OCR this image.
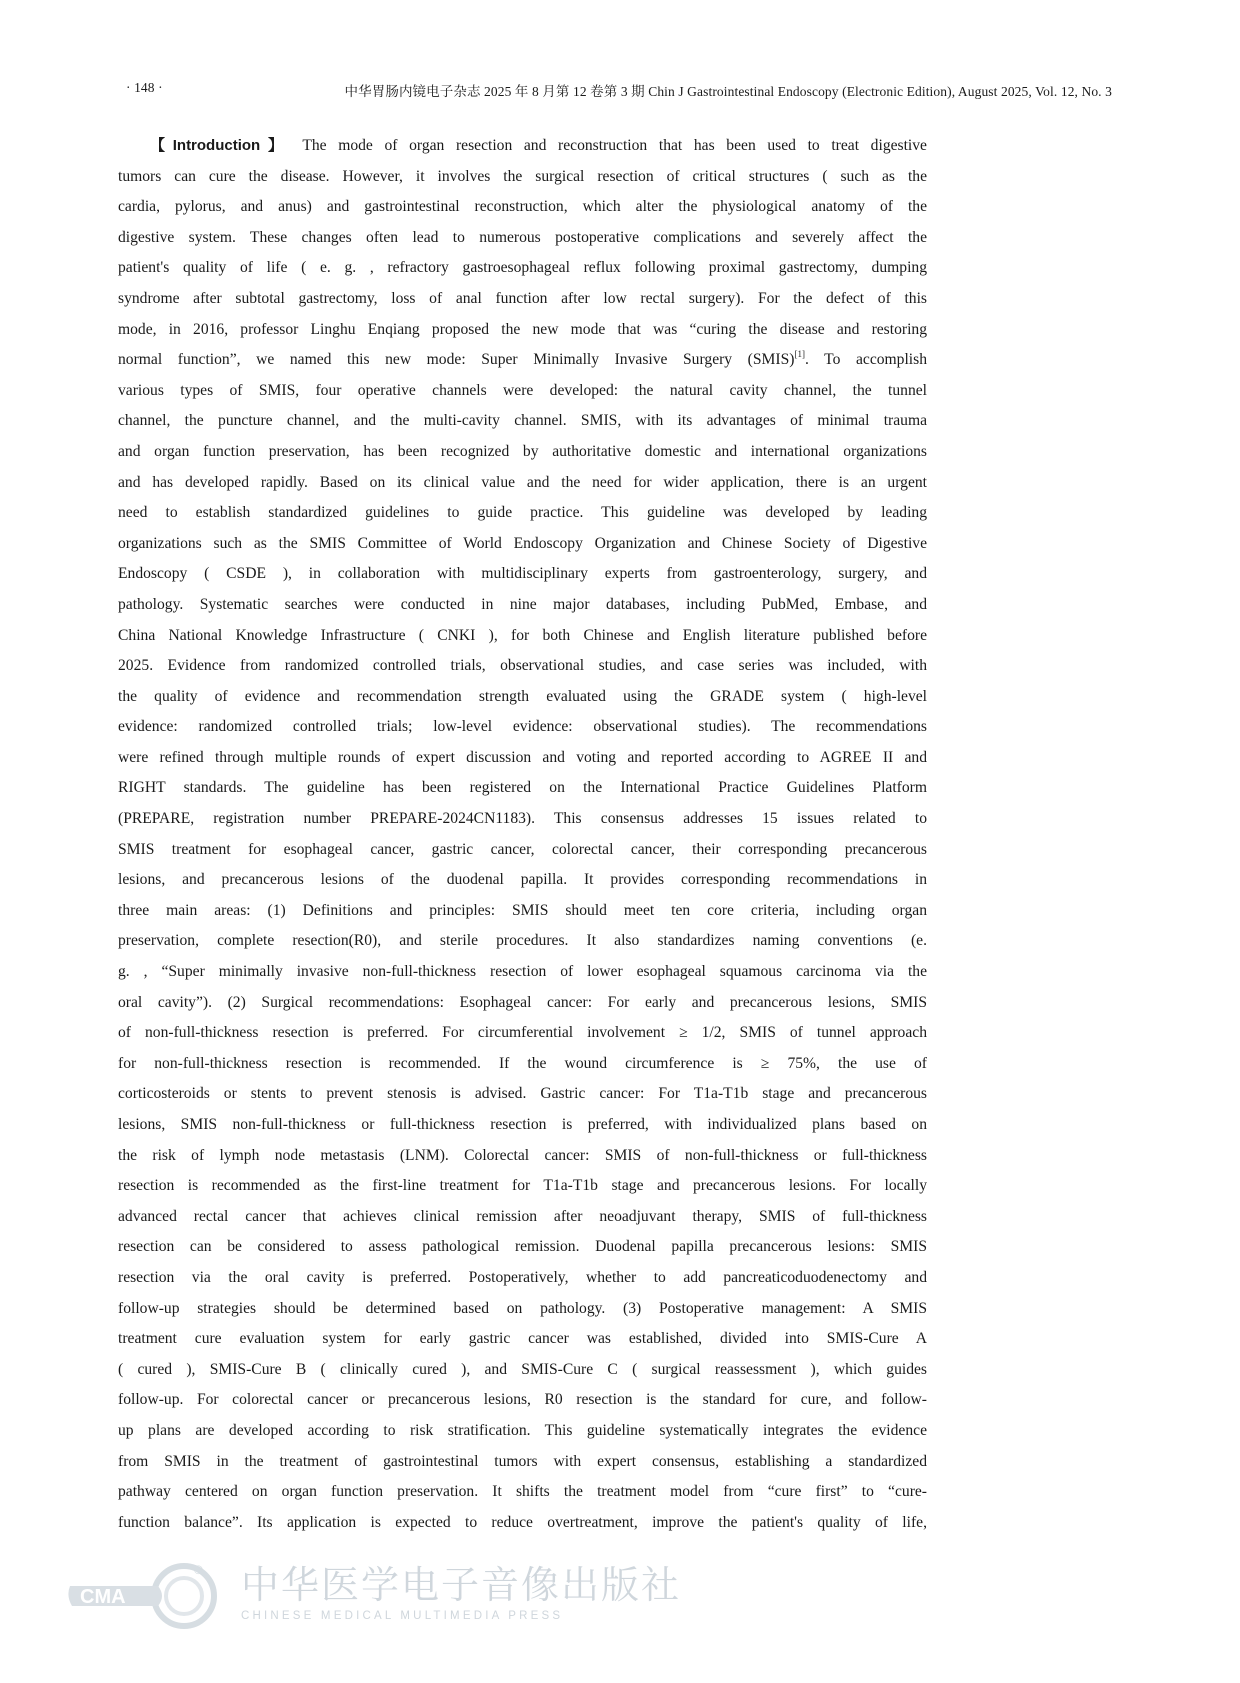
· 148 ·	中华胃肠内镜电子杂志 2025 年 8 月第 12 卷第 3 期 Chin J Gastrointestinal Endoscopy (Electronic Edition), August 2025, Vol. 12, No. 3
【Introduction】 The mode of organ resection and reconstruction that has been used to treat digestive
tumors can cure the disease. However, it involves the surgical resection of critical structures ( such as the
cardia, pylorus, and anus) and gastrointestinal reconstruction, which alter the physiological anatomy of the
digestive system. These changes often lead to numerous postoperative complications and severely affect the
patient's quality of life ( e. g. , refractory gastroesophageal reflux following proximal gastrectomy, dumping
syndrome after subtotal gastrectomy, loss of anal function after low rectal surgery). For the defect of this
mode, in 2016, professor Linghu Enqiang proposed the new mode that was “curing the disease and restoring
normal function”, we named this new mode: Super Minimally Invasive Surgery (SMIS)[1]. To accomplish
various types of SMIS, four operative channels were developed: the natural cavity channel, the tunnel
channel, the puncture channel, and the multi-cavity channel. SMIS, with its advantages of minimal trauma
and organ function preservation, has been recognized by authoritative domestic and international organizations
and has developed rapidly. Based on its clinical value and the need for wider application, there is an urgent
need to establish standardized guidelines to guide practice. This guideline was developed by leading
organizations such as the SMIS Committee of World Endoscopy Organization and Chinese Society of Digestive
Endoscopy ( CSDE ), in collaboration with multidisciplinary experts from gastroenterology, surgery, and
pathology. Systematic searches were conducted in nine major databases, including PubMed, Embase, and
China National Knowledge Infrastructure ( CNKI ), for both Chinese and English literature published before
2025. Evidence from randomized controlled trials, observational studies, and case series was included, with
the quality of evidence and recommendation strength evaluated using the GRADE system ( high-level
evidence: randomized controlled trials; low-level evidence: observational studies). The recommendations
were refined through multiple rounds of expert discussion and voting and reported according to AGREE II and
RIGHT standards. The guideline has been registered on the International Practice Guidelines Platform
(PREPARE, registration number PREPARE-2024CN1183). This consensus addresses 15 issues related to
SMIS treatment for esophageal cancer, gastric cancer, colorectal cancer, their corresponding precancerous
lesions, and precancerous lesions of the duodenal papilla. It provides corresponding recommendations in
three main areas: (1) Definitions and principles: SMIS should meet ten core criteria, including organ
preservation, complete resection(R0), and sterile procedures. It also standardizes naming conventions (e.
g. , “Super minimally invasive non-full-thickness resection of lower esophageal squamous carcinoma via the
oral cavity”). (2) Surgical recommendations: Esophageal cancer: For early and precancerous lesions, SMIS
of non-full-thickness resection is preferred. For circumferential involvement ≥ 1/2, SMIS of tunnel approach
for non-full-thickness resection is recommended. If the wound circumference is ≥ 75%, the use of
corticosteroids or stents to prevent stenosis is advised. Gastric cancer: For T1a-T1b stage and precancerous
lesions, SMIS non-full-thickness or full-thickness resection is preferred, with individualized plans based on
the risk of lymph node metastasis (LNM). Colorectal cancer: SMIS of non-full-thickness or full-thickness
resection is recommended as the first-line treatment for T1a-T1b stage and precancerous lesions. For locally
advanced rectal cancer that achieves clinical remission after neoadjuvant therapy, SMIS of full-thickness
resection can be considered to assess pathological remission. Duodenal papilla precancerous lesions: SMIS
resection via the oral cavity is preferred. Postoperatively, whether to add pancreaticoduodenectomy and
follow-up strategies should be determined based on pathology. (3) Postoperative management: A SMIS
treatment cure evaluation system for early gastric cancer was established, divided into SMIS-Cure A
( cured ), SMIS-Cure B ( clinically cured ), and SMIS-Cure C ( surgical reassessment ), which guides
follow-up. For colorectal cancer or precancerous lesions, R0 resection is the standard for cure, and follow-
up plans are developed according to risk stratification. This guideline systematically integrates the evidence
from SMIS in the treatment of gastrointestinal tumors with expert consensus, establishing a standardized
pathway centered on organ function preservation. It shifts the treatment model from “cure first” to “cure-
function balance”. Its application is expected to reduce overtreatment, improve the patient's quality of life,
®
CMA	中华医学电子音像出版社
CHINESE MEDICAL MULTIMEDIA PRESS
